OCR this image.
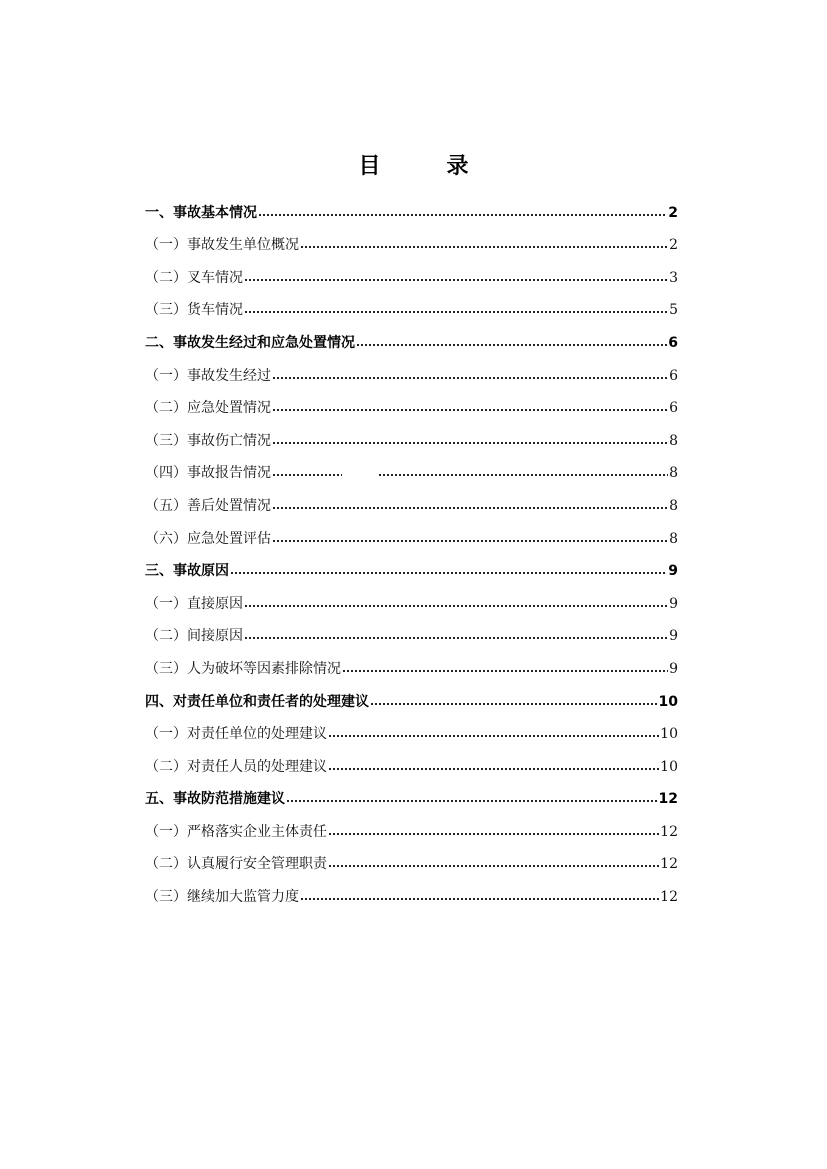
目　录
一、事故基本情况	2
（一）事故发生单位概况	2
（二）叉车情况	3
（三）货车情况	5
二、事故发生经过和应急处置情况	6
（一）事故发生经过	6
（二）应急处置情况	6
（三）事故伤亡情况	8
（四）事故报告情况	8
（五）善后处置情况	8
（六）应急处置评估	8
三、事故原因	9
（一）直接原因	9
（二）间接原因	9
（三）人为破坏等因素排除情况	9
四、对责任单位和责任者的处理建议	10
（一）对责任单位的处理建议	10
（二）对责任人员的处理建议	10
五、事故防范措施建议	12
（一）严格落实企业主体责任	12
（二）认真履行安全管理职责	12
（三）继续加大监管力度	12
